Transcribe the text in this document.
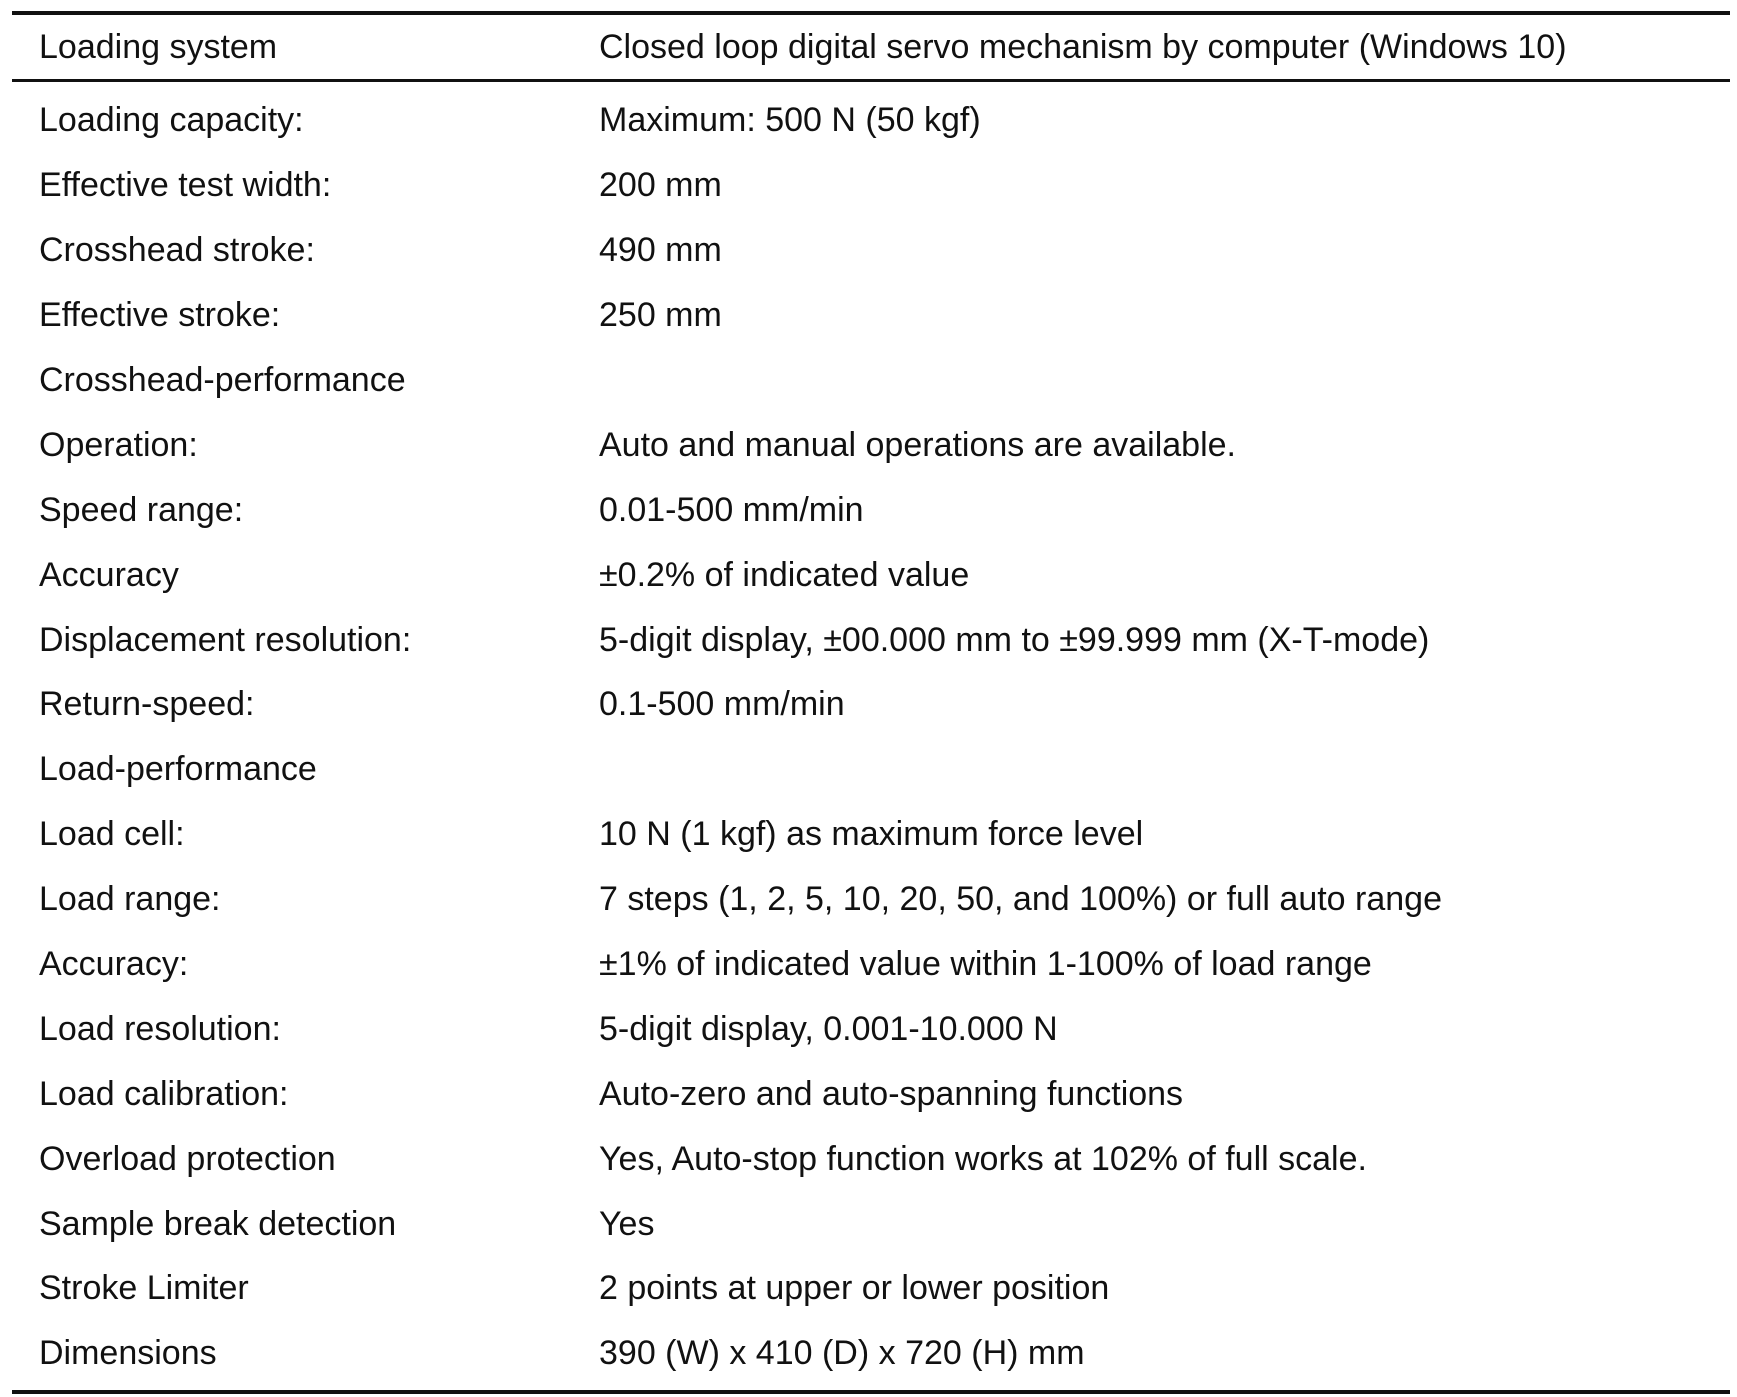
Loading system	Closed loop digital servo mechanism by computer (Windows 10)
Loading capacity:	Maximum: 500 N (50 kgf)
Effective test width:	200 mm
Crosshead stroke:	490 mm
Effective stroke:	250 mm
Crosshead-performance
Operation:	Auto and manual operations are available.
Speed range:	0.01-500 mm/min
Accuracy	±0.2% of indicated value
Displacement resolution:	5-digit display, ±00.000 mm to ±99.999 mm (X-T-mode)
Return-speed:	0.1-500 mm/min
Load-performance
Load cell:	10 N (1 kgf) as maximum force level
Load range:	7 steps (1, 2, 5, 10, 20, 50, and 100%) or full auto range
Accuracy:	±1% of indicated value within 1-100% of load range
Load resolution:	5-digit display, 0.001-10.000 N
Load calibration:	Auto-zero and auto-spanning functions
Overload protection	Yes, Auto-stop function works at 102% of full scale.
Sample break detection	Yes
Stroke Limiter	2 points at upper or lower position
Dimensions	390 (W) x 410 (D) x 720 (H) mm
